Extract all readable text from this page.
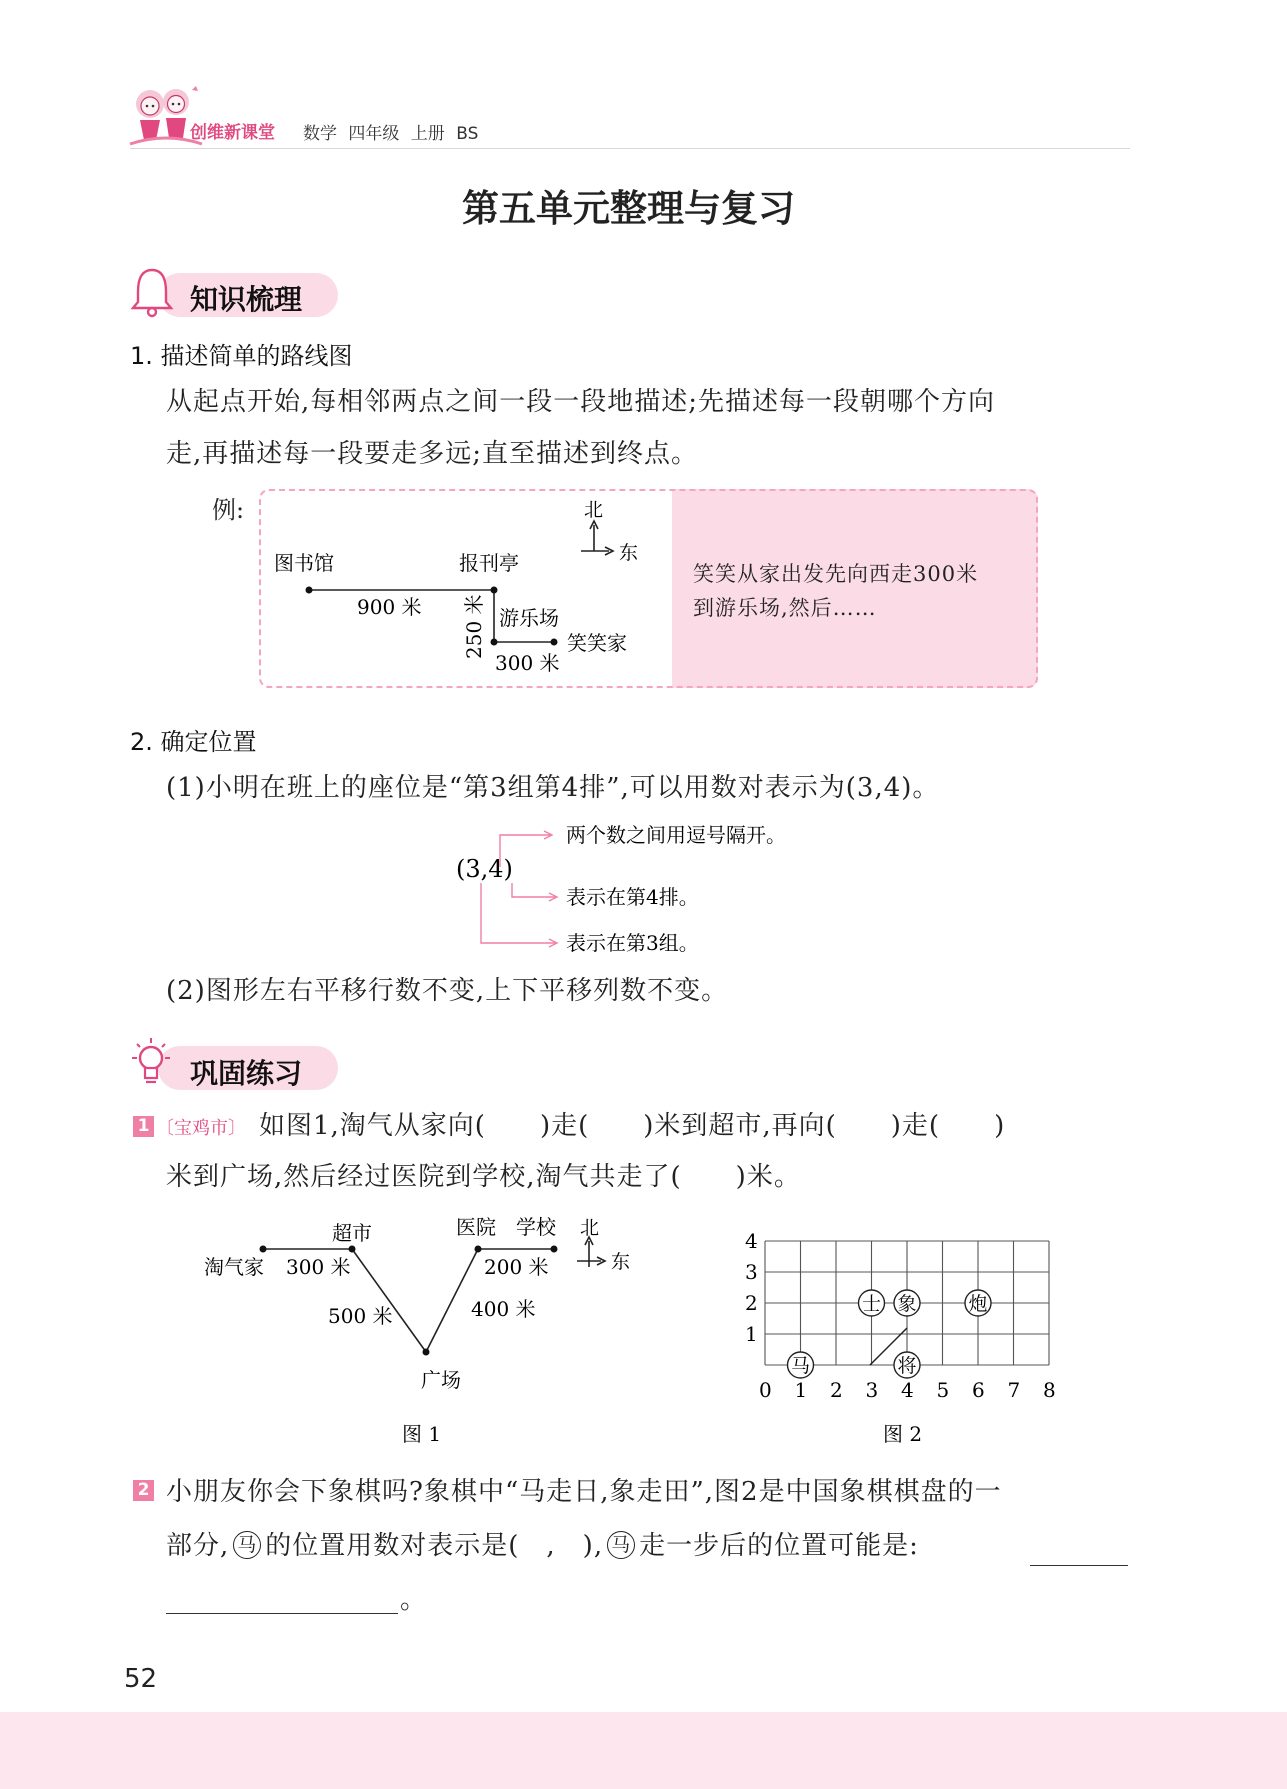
创维新课堂 数学 四年级 上册 BS
第五单元整理与复习
知识梳理
1. 描述简单的路线图
从起点开始,每相邻两点之间一段一段地描述;先描述每一段朝哪个方向
走,再描述每一段要走多远;直至描述到终点。
例:
笑笑从家出发先向西走300米
到游乐场,然后……
图书馆	报刊亭
游乐场
笑笑家
900 米
300 米
250 米
北
东
2. 确定位置
(1)小明在班上的座位是“第3组第4排”,可以用数对表示为(3,4)。
(3,4)
两个数之间用逗号隔开。
表示在第4排。
表示在第3组。
(2)图形左右平移行数不变,上下平移列数不变。
巩固练习
1 〔宝鸡市〕 如图1,淘气从家向(　　)走(　　)米到超市,再向(　　)走(　　)
米到广场,然后经过医院到学校,淘气共走了(　　)米。
淘气家
超市	医院 学校
广场
300 米
500 米
200 米
400 米
北
东
图 1
0 1 2 3 4 5 6 7 8
1
2
3
4
马	将
士 象	炮
图 2
2 小朋友你会下象棋吗?象棋中“马走日,象走田”,图2是中国象棋棋盘的一
部分, 马 的位置用数对表示是(　,　), 马 走一步后的位置可能是:
。
52
